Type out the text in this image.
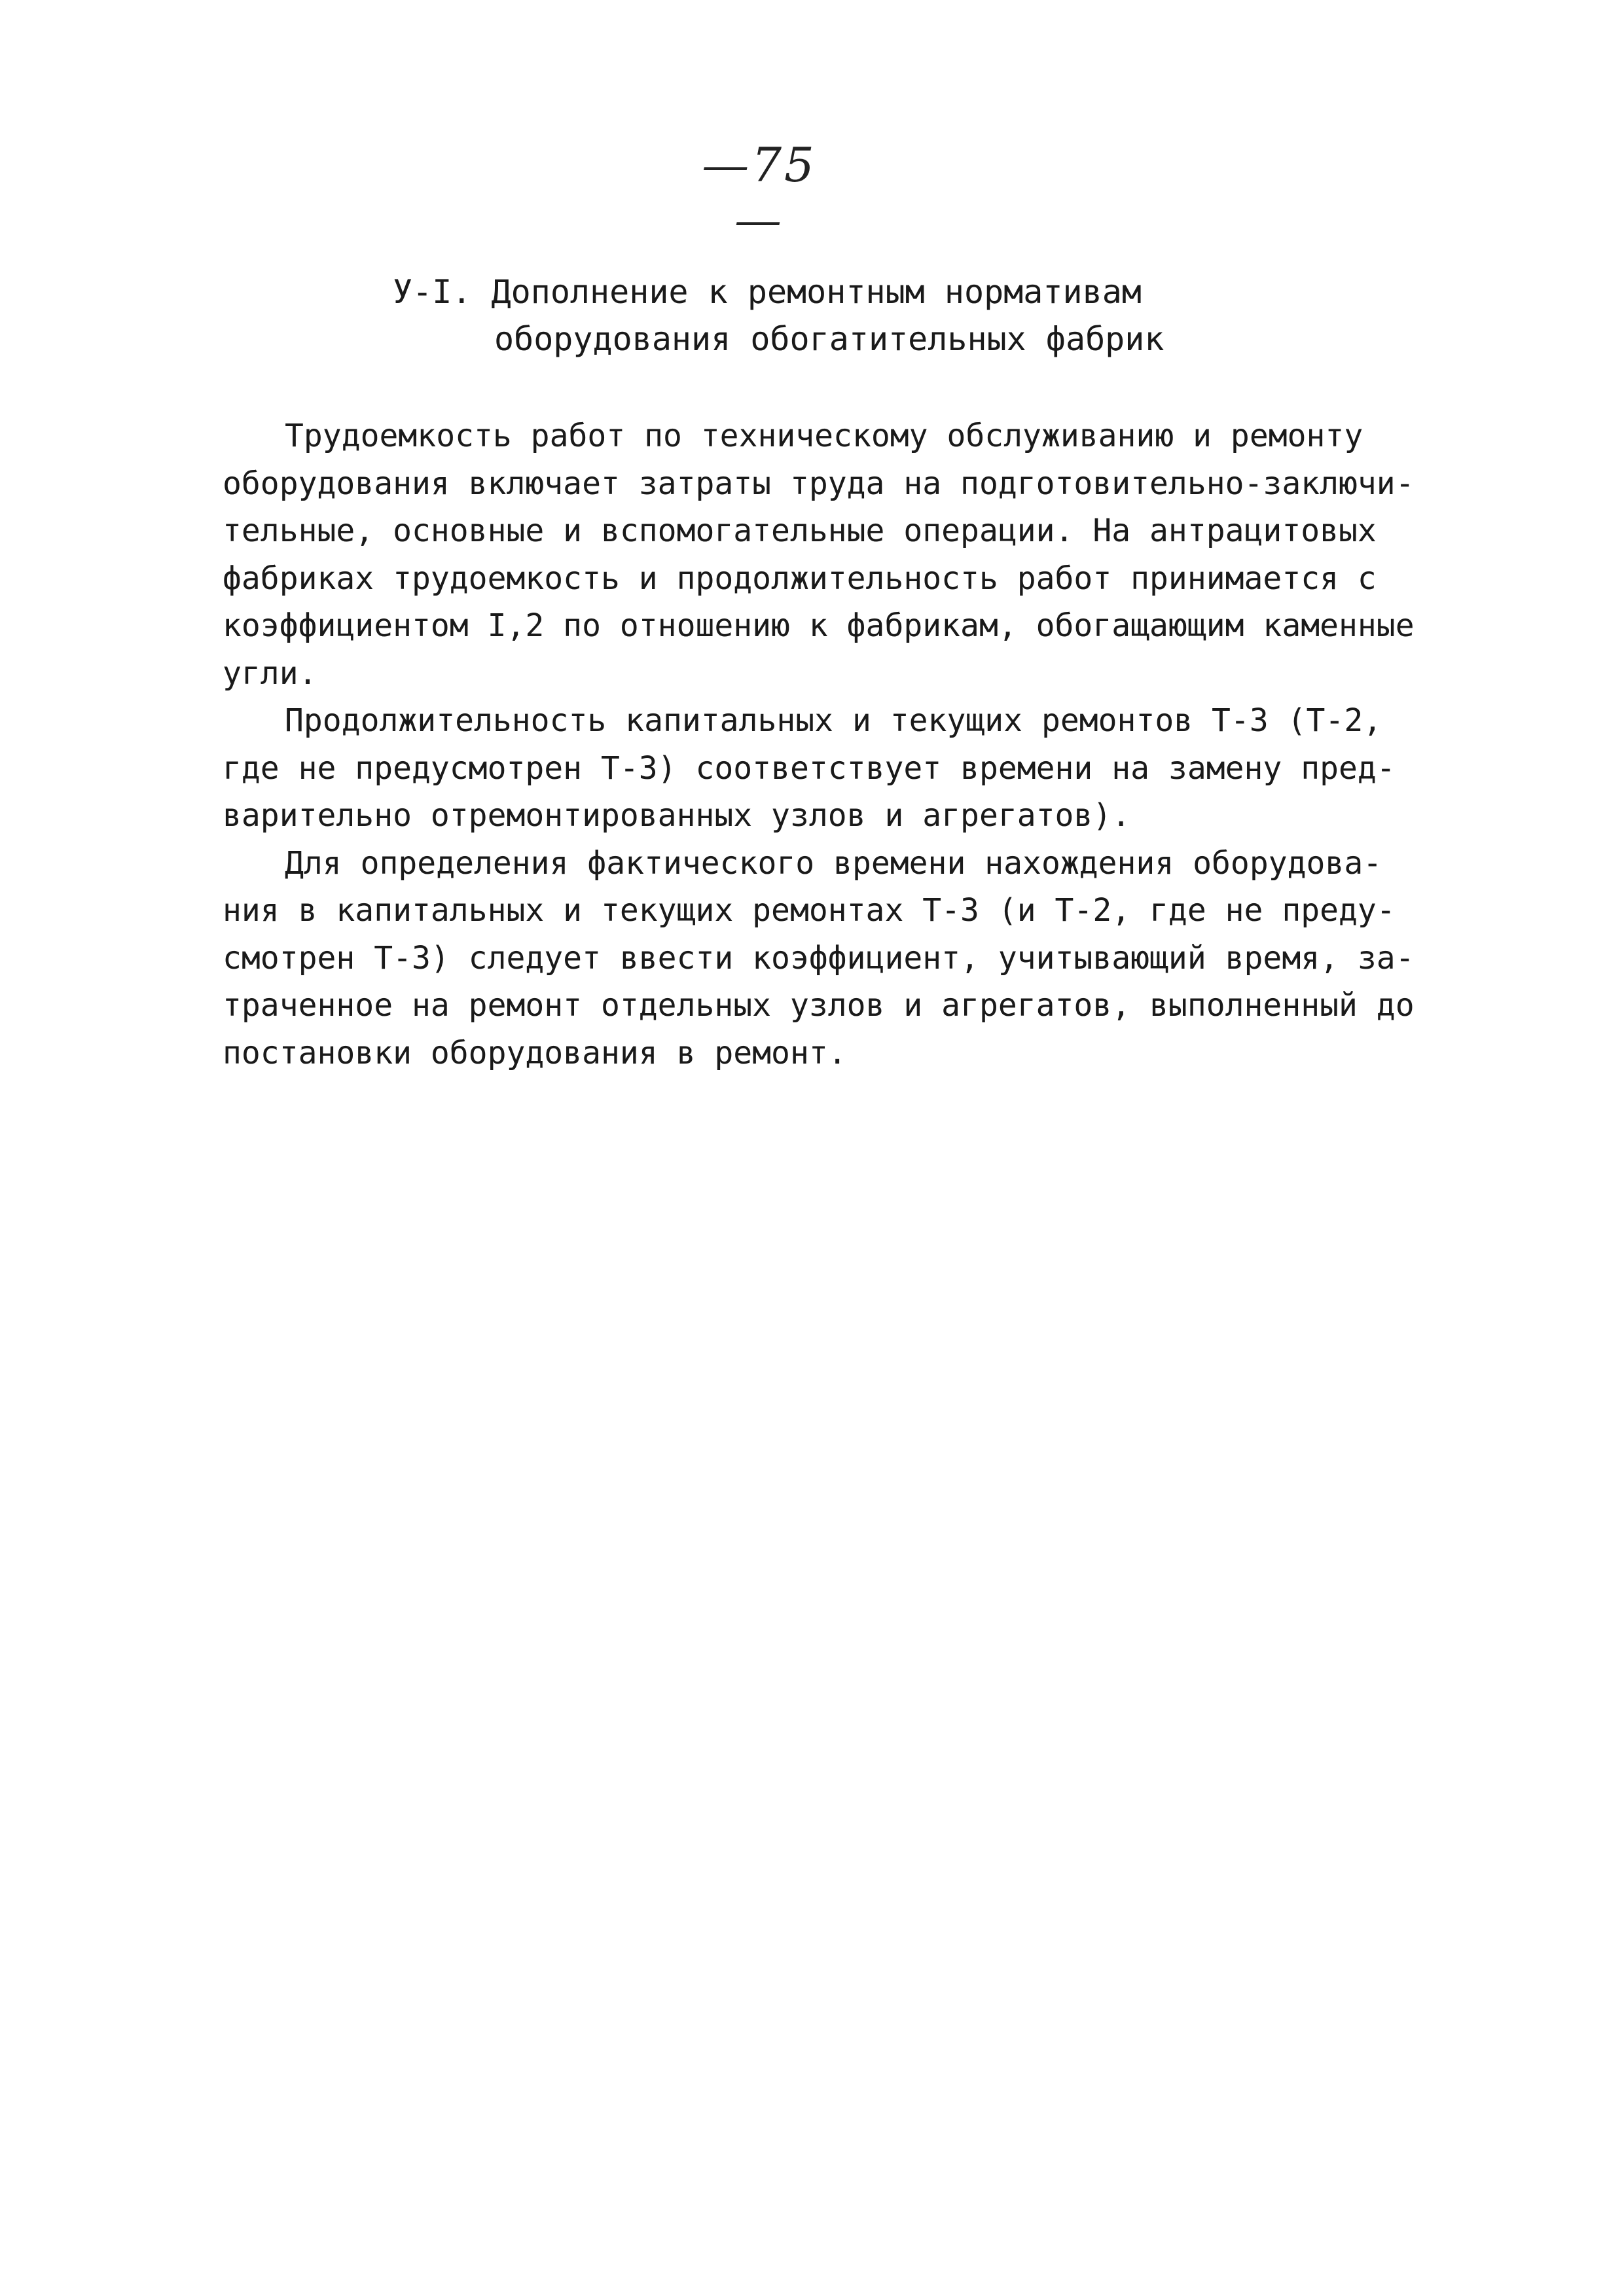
—75—
У-I. Дополнение к ремонтным нормативам
оборудования обогатительных фабрик
Трудоемкость работ по техническому обслуживанию и ремонту
оборудования включает затраты труда на подготовительно-заключи-
тельные, основные и вспомогательные операции. На антрацитовых
фабриках трудоемкость и продолжительность работ принимается с
коэффициентом I,2 по отношению к фабрикам, обогащающим каменные
угли.
Продолжительность капитальных и текущих ремонтов Т-3 (Т-2,
где не предусмотрен Т-3) соответствует времени на замену пред-
варительно отремонтированных узлов и агрегатов).
Для определения фактического времени нахождения оборудова-
ния в капитальных и текущих ремонтах Т-3 (и Т-2, где не преду-
смотрен Т-3) следует ввести коэффициент, учитывающий время, за-
траченное на ремонт отдельных узлов и агрегатов, выполненный до
постановки оборудования в ремонт.
